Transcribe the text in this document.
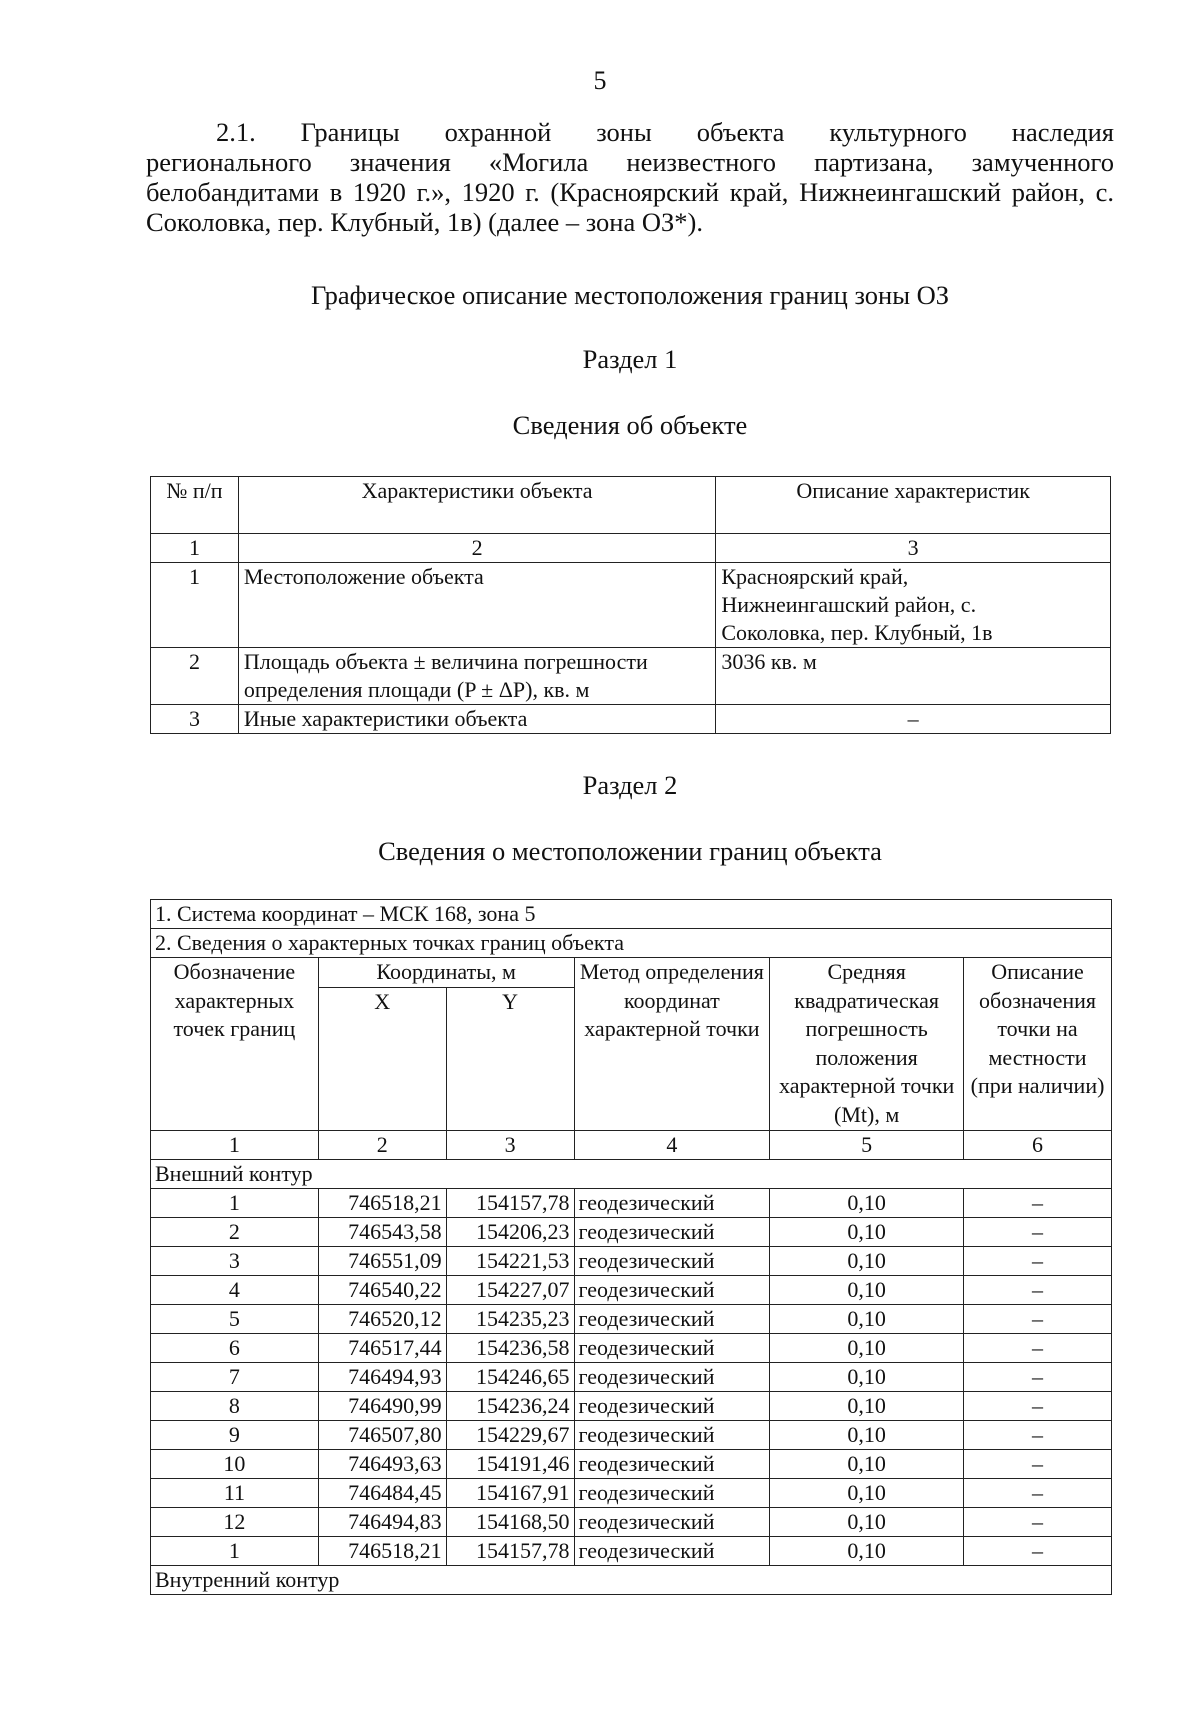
5
2.1. Границы охранной зоны объекта культурного наследия
регионального значения «Могила неизвестного партизана, замученного белобандитами в 1920 г.», 1920 г. (Красноярский край, Нижнеингашский район, с. Соколовка, пер. Клубный, 1в) (далее – зона ОЗ*).
Графическое описание местоположения границ зоны ОЗ
Раздел 1
Сведения об объекте
№ п/п	Характеристики объекта	Описание характеристик
1	2	3
1	Местоположение объекта	Красноярский край, Нижнеингашский район, с. Соколовка, пер. Клубный, 1в
2	Площадь объекта ± величина погрешности определения площади (P ± ΔP), кв. м	3036 кв. м
3	Иные характеристики объекта	–
Раздел 2
Сведения о местоположении границ объекта
1. Система координат – МСК 168, зона 5					
2. Сведения о характерных точках границ объекта					
Обозначение характерных точек границ	Координаты, м		Метод определения координат характерной точки	Средняя квадратическая погрешность положения характерной точки (Mt), м	Описание обозначения точки на местности (при наличии)
	X	Y			
1	2	3	4	5	6
Внешний контур					
1	746518,21	154157,78	геодезический	0,10	–
2	746543,58	154206,23	геодезический	0,10	–
3	746551,09	154221,53	геодезический	0,10	–
4	746540,22	154227,07	геодезический	0,10	–
5	746520,12	154235,23	геодезический	0,10	–
6	746517,44	154236,58	геодезический	0,10	–
7	746494,93	154246,65	геодезический	0,10	–
8	746490,99	154236,24	геодезический	0,10	–
9	746507,80	154229,67	геодезический	0,10	–
10	746493,63	154191,46	геодезический	0,10	–
11	746484,45	154167,91	геодезический	0,10	–
12	746494,83	154168,50	геодезический	0,10	–
1	746518,21	154157,78	геодезический	0,10	–
Внутренний контур					
